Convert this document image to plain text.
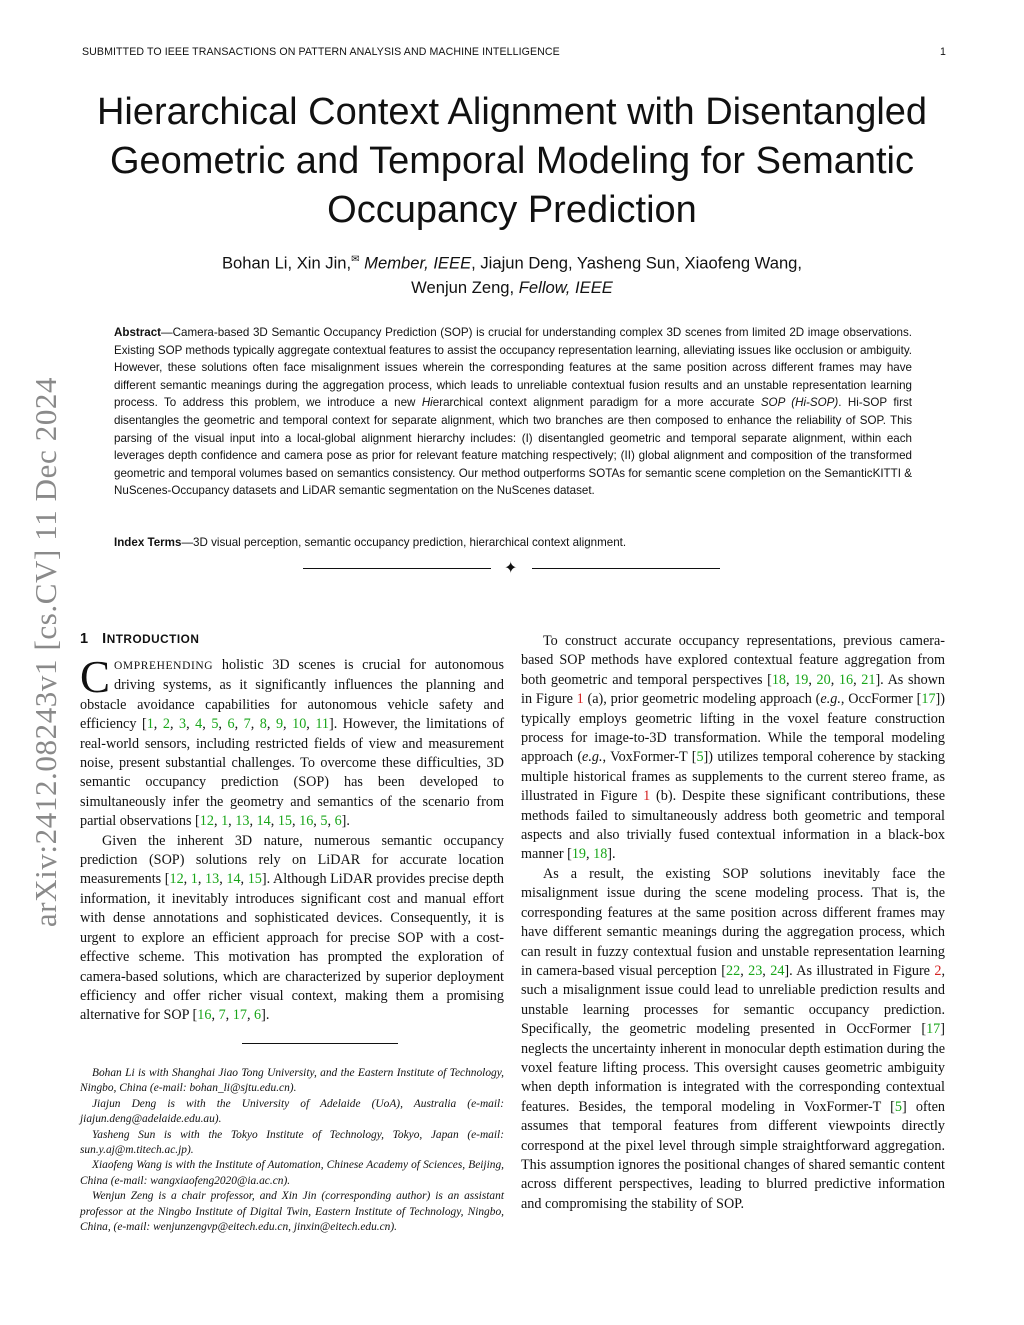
SUBMITTED TO IEEE TRANSACTIONS ON PATTERN ANALYSIS AND MACHINE INTELLIGENCE	1
arXiv:2412.08243v1 [cs.CV] 11 Dec 2024
Hierarchical Context Alignment with Disentangled Geometric and Temporal Modeling for Semantic Occupancy Prediction
Bohan Li, Xin Jin,✉ Member, IEEE, Jiajun Deng, Yasheng Sun, Xiaofeng Wang,
Wenjun Zeng, Fellow, IEEE
Abstract—Camera-based 3D Semantic Occupancy Prediction (SOP) is crucial for understanding complex 3D scenes from limited 2D image observations. Existing SOP methods typically aggregate contextual features to assist the occupancy representation learning, alleviating issues like occlusion or ambiguity. However, these solutions often face misalignment issues wherein the corresponding features at the same position across different frames may have different semantic meanings during the aggregation process, which leads to unreliable contextual fusion results and an unstable representation learning process. To address this problem, we introduce a new Hierarchical context alignment paradigm for a more accurate SOP (Hi-SOP). Hi-SOP first disentangles the geometric and temporal context for separate alignment, which two branches are then composed to enhance the reliability of SOP. This parsing of the visual input into a local-global alignment hierarchy includes: (I) disentangled geometric and temporal separate alignment, within each leverages depth confidence and camera pose as prior for relevant feature matching respectively; (II) global alignment and composition of the transformed geometric and temporal volumes based on semantics consistency. Our method outperforms SOTAs for semantic scene completion on the SemanticKITTI & NuScenes-Occupancy datasets and LiDAR semantic segmentation on the NuScenes dataset.
Index Terms—3D visual perception, semantic occupancy prediction, hierarchical context alignment.
✦
1 INTRODUCTION

COMPREHENDING holistic 3D scenes is crucial for autonomous driving systems, as it significantly influences the planning and obstacle avoidance capabilities for autonomous vehicle safety and efficiency [1, 2, 3, 4, 5, 6, 7, 8, 9, 10, 11]. However, the limitations of real-world sensors, including restricted fields of view and measurement noise, present substantial challenges. To overcome these difficulties, 3D semantic occupancy prediction (SOP) has been developed to simultaneously infer the geometry and semantics of the scenario from partial observations [12, 1, 13, 14, 15, 16, 5, 6].

Given the inherent 3D nature, numerous semantic occupancy prediction (SOP) solutions rely on LiDAR for accurate location measurements [12, 1, 13, 14, 15]. Although LiDAR provides precise depth information, it inevitably introduces significant cost and manual effort with dense annotations and sophisticated devices. Consequently, it is urgent to explore an efficient approach for precise SOP with a cost-effective scheme. This motivation has prompted the exploration of camera-based solutions, which are characterized by superior deployment efficiency and offer richer visual context, making them a promising alternative for SOP [16, 7, 17, 6].

Bohan Li is with Shanghai Jiao Tong University, and the Eastern Institute of Technology, Ningbo, China (e-mail: bohan_li@sjtu.edu.cn).

Jiajun Deng is with the University of Adelaide (UoA), Australia (e-mail: jiajun.deng@adelaide.edu.au).

Yasheng Sun is with the Tokyo Institute of Technology, Tokyo, Japan (e-mail: sun.y.aj@m.titech.ac.jp).

Xiaofeng Wang is with the Institute of Automation, Chinese Academy of Sciences, Beijing, China (e-mail: wangxiaofeng2020@ia.ac.cn).

Wenjun Zeng is a chair professor, and Xin Jin (corresponding author) is an assistant professor at the Ningbo Institute of Digital Twin, Eastern Institute of Technology, Ningbo, China, (e-mail: wenjunzengvp@eitech.edu.cn, jinxin@eitech.edu.cn).

To construct accurate occupancy representations, previous camera-based SOP methods have explored contextual feature aggregation from both geometric and temporal perspectives [18, 19, 20, 16, 21]. As shown in Figure 1 (a), prior geometric modeling approach (e.g., OccFormer [17]) typically employs geometric lifting in the voxel feature construction process for image-to-3D transformation. While the temporal modeling approach (e.g., VoxFormer-T [5]) utilizes temporal coherence by stacking multiple historical frames as supplements to the current stereo frame, as illustrated in Figure 1 (b). Despite these significant contributions, these methods failed to simultaneously address both geometric and temporal aspects and also trivially fused contextual information in a black-box manner [19, 18].

As a result, the existing SOP solutions inevitably face the misalignment issue during the scene modeling process. That is, the corresponding features at the same position across different frames may have different semantic meanings during the aggregation process, which can result in fuzzy contextual fusion and unstable representation learning in camera-based visual perception [22, 23, 24]. As illustrated in Figure 2, such a misalignment issue could lead to unreliable prediction results and unstable learning processes for semantic occupancy prediction. Specifically, the geometric modeling presented in OccFormer [17] neglects the uncertainty inherent in monocular depth estimation during the voxel feature lifting process. This oversight causes geometric ambiguity when depth information is integrated with the corresponding contextual features. Besides, the temporal modeling in VoxFormer-T [5] often assumes that temporal features from different viewpoints directly correspond at the pixel level through simple straightforward aggregation. This assumption ignores the positional changes of shared semantic content across different perspectives, leading to blurred predictive information and compromising the stability of SOP.
